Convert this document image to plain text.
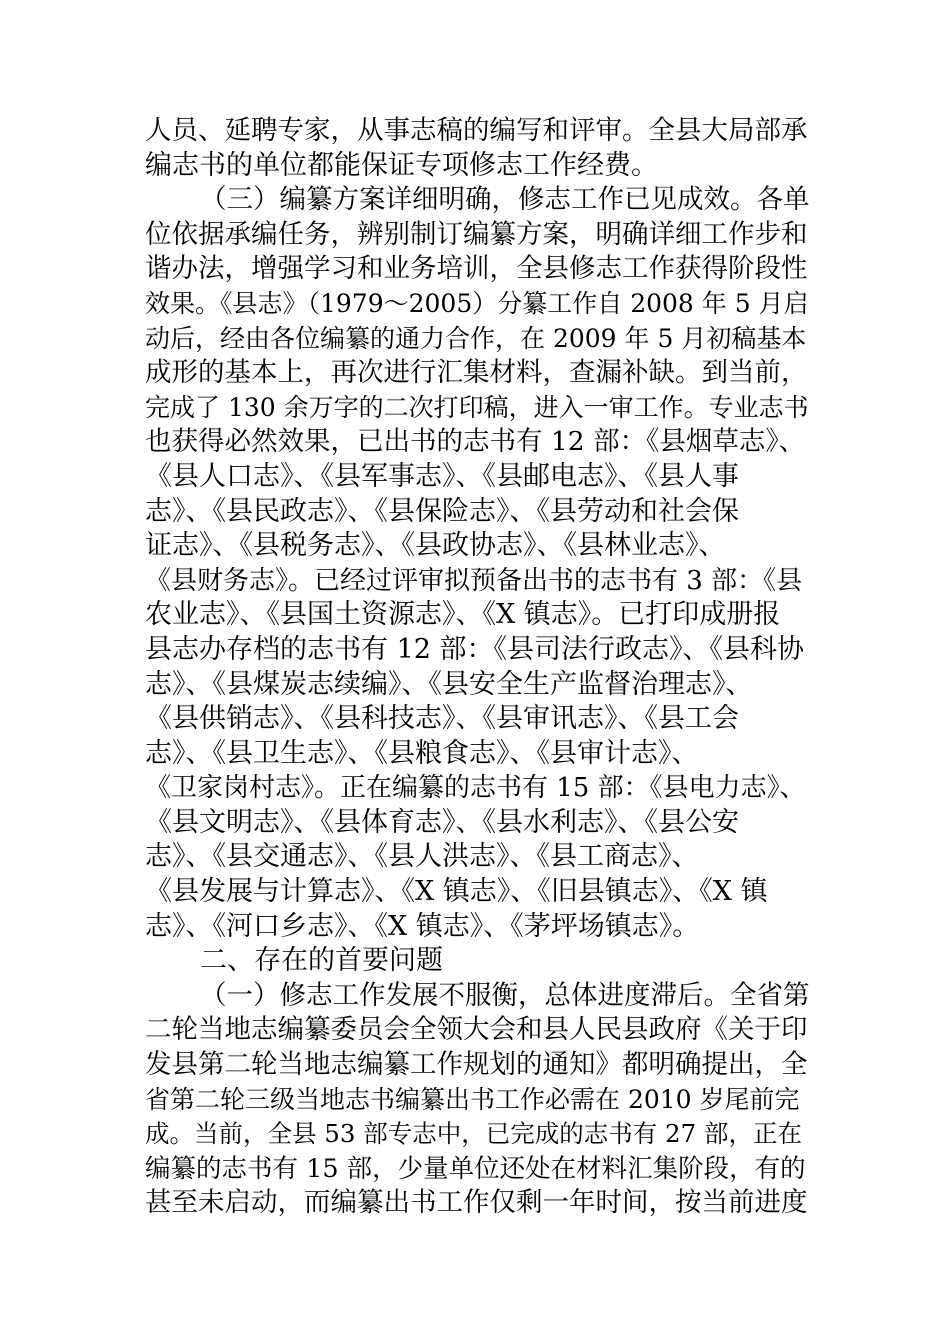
人员、延聘专家，从事志稿的编写和评审。全县大局部承
编志书的单位都能保证专项修志工作经费。
（三）编纂方案详细明确，修志工作已见成效。各单
位依据承编任务，辨别制订编纂方案，明确详细工作步和
谐办法，增强学习和业务培训，全县修志工作获得阶段性
效果。《县志》（1979～2005）分纂工作自 2008 年 5 月启
动后，经由各位编纂的通力合作，在 2009 年 5 月初稿基本
成形的基本上，再次进行汇集材料，查漏补缺。到当前，
完成了 130 余万字的二次打印稿，进入一审工作。专业志书
也获得必然效果，已出书的志书有 12 部：《县烟草志》、
《县人口志》、《县军事志》、《县邮电志》、《县人事
志》、《县民政志》、《县保险志》、《县劳动和社会保
证志》、《县税务志》、《县政协志》、《县林业志》、
《县财务志》。已经过评审拟预备出书的志书有 3 部：《县
农业志》、《县国土资源志》、《X 镇志》。已打印成册报
县志办存档的志书有 12 部：《县司法行政志》、《县科协
志》、《县煤炭志续编》、《县安全生产监督治理志》、
《县供销志》、《县科技志》、《县审讯志》、《县工会
志》、《县卫生志》、《县粮食志》、《县审计志》、
《卫家岗村志》。正在编纂的志书有 15 部：《县电力志》、
《县文明志》、《县体育志》、《县水利志》、《县公安
志》、《县交通志》、《县人洪志》、《县工商志》、
《县发展与计算志》、《X 镇志》、《旧县镇志》、《X 镇
志》、《河口乡志》、《X 镇志》、《茅坪场镇志》。
二、存在的首要问题
（一）修志工作发展不服衡，总体进度滞后。全省第
二轮当地志编纂委员会全领大会和县人民县政府《关于印
发县第二轮当地志编纂工作规划的通知》都明确提出，全
省第二轮三级当地志书编纂出书工作必需在 2010 岁尾前完
成。当前，全县 53 部专志中，已完成的志书有 27 部，正在
编纂的志书有 15 部，少量单位还处在材料汇集阶段，有的
甚至未启动，而编纂出书工作仅剩一年时间，按当前进度
